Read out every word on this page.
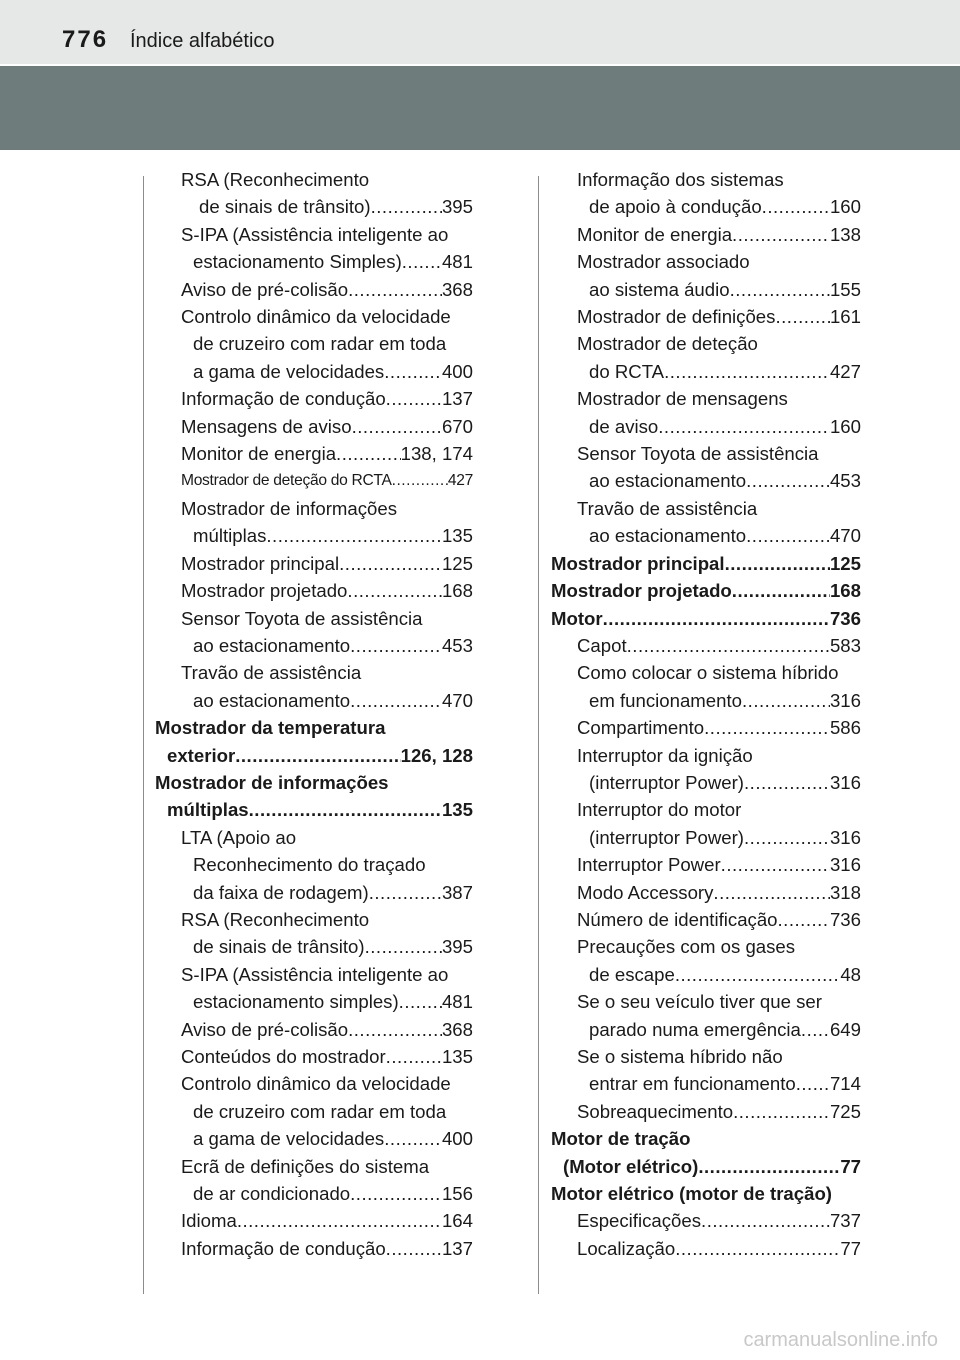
776 Índice alfabético
RSA (Reconhecimento
de sinais de trânsito) .....	395
S-IPA (Assistência inteligente ao
estacionamento Simples) ..... 481
Aviso de pré-colisão .....	368
Controlo dinâmico da velocidade
de cruzeiro com radar em toda
a gama de velocidades .....	400
Informação de condução .....	137
Mensagens de aviso .....	670
Monitor de energia .....	138, 174
Mostrador de deteção do RCTA .....	427
Mostrador de informações
múltiplas .....	135
Mostrador principal .....	125
Mostrador projetado .....	168
Sensor Toyota de assistência
ao estacionamento .....	453
Travão de assistência
ao estacionamento .....	470
Mostrador da temperatura
exterior .....	126, 128
Mostrador de informações
múltiplas .....	135
LTA (Apoio ao
Reconhecimento do traçado
da faixa de rodagem) .....	387
RSA (Reconhecimento
de sinais de trânsito) .....	395
S-IPA (Assistência inteligente ao
estacionamento simples) ..... 481
Aviso de pré-colisão .....	368
Conteúdos do mostrador .....	135
Controlo dinâmico da velocidade
de cruzeiro com radar em toda
a gama de velocidades .....	400
Ecrã de definições do sistema
de ar condicionado .....	156
Idioma .....	164
Informação de condução .....	137
Informação dos sistemas
de apoio à condução .....	160
Monitor de energia .....	138
Mostrador associado
ao sistema áudio .....	155
Mostrador de definições .....	161
Mostrador de deteção
do RCTA .....	427
Mostrador de mensagens
de aviso .....	160
Sensor Toyota de assistência
ao estacionamento .....	453
Travão de assistência
ao estacionamento .....	470
Mostrador principal .....	125
Mostrador projetado .....	168
Motor .....	736
Capot .....	583
Como colocar o sistema híbrido
em funcionamento .....	316
Compartimento .....	586
Interruptor da ignição
(interruptor Power) .....	316
Interruptor do motor
(interruptor Power) .....	316
Interruptor Power .....	316
Modo Accessory .....	318
Número de identificação .....	736
Precauções com os gases
de escape .....	48
Se o seu veículo tiver que ser
parado numa emergência ..... 649
Se o sistema híbrido não
entrar em funcionamento ..... 714
Sobreaquecimento .....	725
Motor de tração
(Motor elétrico) .....	77
Motor elétrico (motor de tração)
Especificações .....	737
Localização .....	77
carmanualsonline.info
